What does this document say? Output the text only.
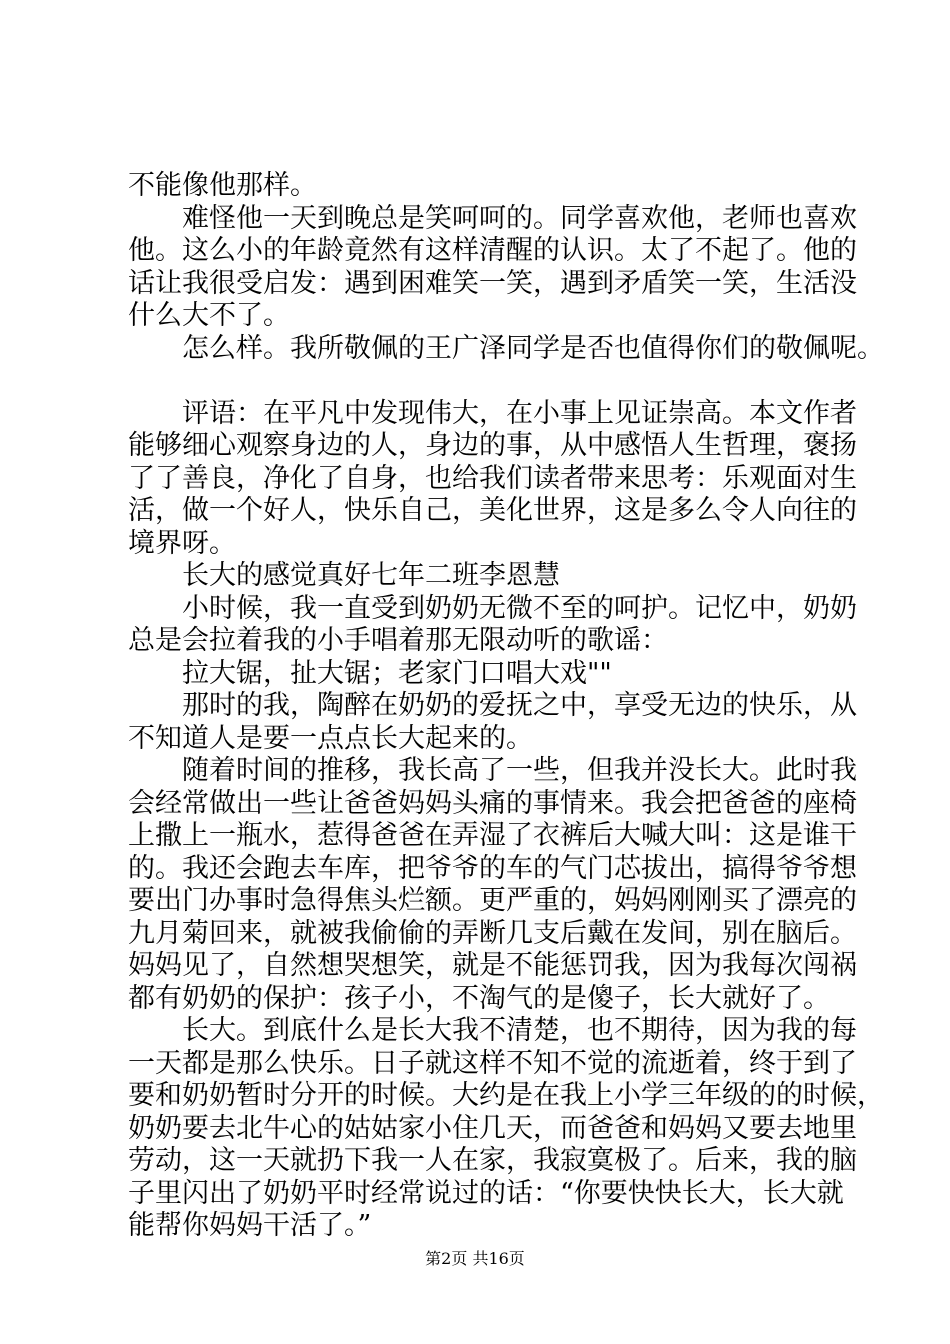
不能像他那样。
难怪他一天到晚总是笑呵呵的。同学喜欢他，老师也喜欢
他。这么小的年龄竟然有这样清醒的认识。太了不起了。他的
话让我很受启发：遇到困难笑一笑，遇到矛盾笑一笑，生活没
什么大不了。
怎么样。我所敬佩的王广泽同学是否也值得你们的敬佩呢。
评语：在平凡中发现伟大，在小事上见证崇高。本文作者
能够细心观察身边的人，身边的事，从中感悟人生哲理，褒扬
了了善良，净化了自身，也给我们读者带来思考：乐观面对生
活，做一个好人，快乐自己，美化世界，这是多么令人向往的
境界呀。
长大的感觉真好七年二班李恩慧
小时候，我一直受到奶奶无微不至的呵护。记忆中，奶奶
总是会拉着我的小手唱着那无限动听的歌谣：
拉大锯，扯大锯；老家门口唱大戏""
那时的我，陶醉在奶奶的爱抚之中，享受无边的快乐，从
不知道人是要一点点长大起来的。
随着时间的推移，我长高了一些，但我并没长大。此时我
会经常做出一些让爸爸妈妈头痛的事情来。我会把爸爸的座椅
上撒上一瓶水，惹得爸爸在弄湿了衣裤后大喊大叫：这是谁干
的。我还会跑去车库，把爷爷的车的气门芯拔出，搞得爷爷想
要出门办事时急得焦头烂额。更严重的，妈妈刚刚买了漂亮的
九月菊回来，就被我偷偷的弄断几支后戴在发间，别在脑后。
妈妈见了，自然想哭想笑，就是不能惩罚我，因为我每次闯祸
都有奶奶的保护：孩子小，不淘气的是傻子，长大就好了。
长大。到底什么是长大我不清楚，也不期待，因为我的每
一天都是那么快乐。日子就这样不知不觉的流逝着，终于到了
要和奶奶暂时分开的时候。大约是在我上小学三年级的的时候，
奶奶要去北牛心的姑姑家小住几天，而爸爸和妈妈又要去地里
劳动，这一天就扔下我一人在家，我寂寞极了。后来，我的脑
子里闪出了奶奶平时经常说过的话：“你要快快长大，长大就
能帮你妈妈干活了。”
第2页 共16页
